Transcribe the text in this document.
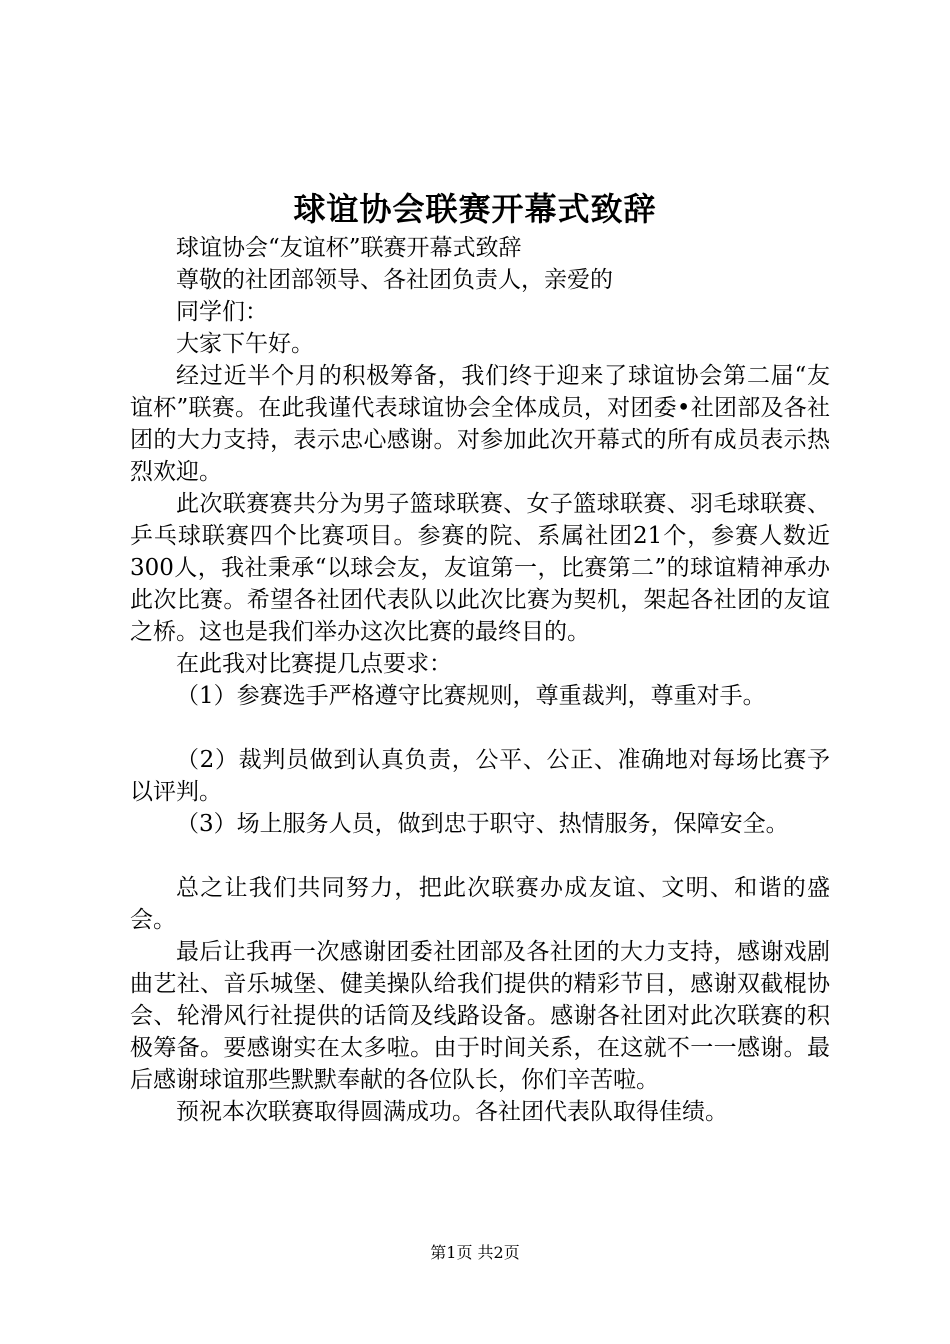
球谊协会联赛开幕式致辞

球谊协会“友谊杯”联赛开幕式致辞

尊敬的社团部领导、各社团负责人，亲爱的

同学们：

大家下午好。

经过近半个月的积极筹备，我们终于迎来了球谊协会第二届“友谊杯”联赛。在此我谨代表球谊协会全体成员，对团委•社团部及各社团的大力支持，表示忠心感谢。对参加此次开幕式的所有成员表示热烈欢迎。

此次联赛赛共分为男子篮球联赛、女子篮球联赛、羽毛球联赛、乒乓球联赛四个比赛项目。参赛的院、系属社团21个，参赛人数近300人，我社秉承“以球会友，友谊第一，比赛第二”的球谊精神承办此次比赛。希望各社团代表队以此次比赛为契机，架起各社团的友谊之桥。这也是我们举办这次比赛的最终目的。

在此我对比赛提几点要求：

（1）参赛选手严格遵守比赛规则，尊重裁判，尊重对手。

（2）裁判员做到认真负责，公平、公正、准确地对每场比赛予以评判。

（3）场上服务人员，做到忠于职守、热情服务，保障安全。

总之让我们共同努力，把此次联赛办成友谊、文明、和谐的盛会。

最后让我再一次感谢团委社团部及各社团的大力支持，感谢戏剧曲艺社、音乐城堡、健美操队给我们提供的精彩节目，感谢双截棍协会、轮滑风行社提供的话筒及线路设备。感谢各社团对此次联赛的积极筹备。要感谢实在太多啦。由于时间关系，在这就不一一感谢。最后感谢球谊那些默默奉献的各位队长，你们辛苦啦。

预祝本次联赛取得圆满成功。各社团代表队取得佳绩。

第1页 共2页
